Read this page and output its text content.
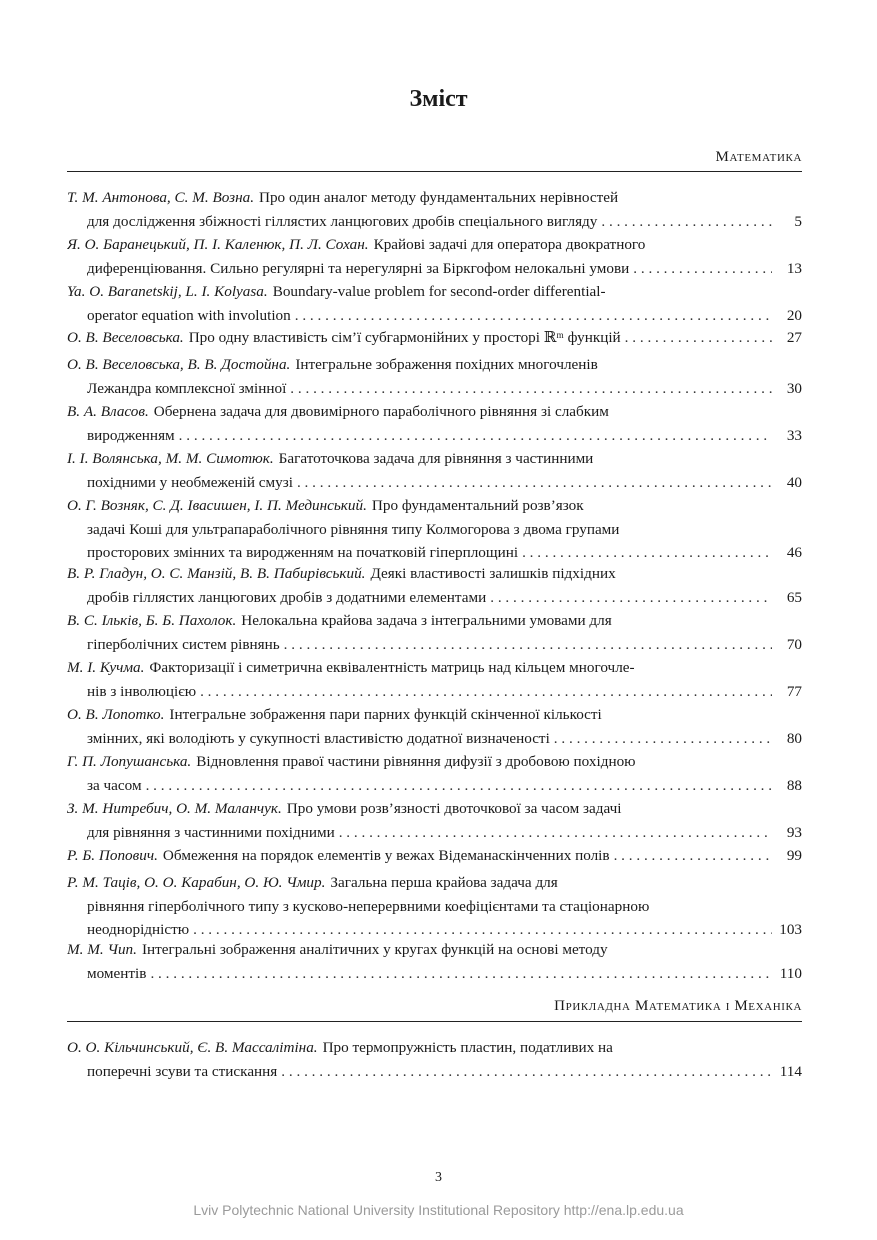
Зміст
Математика
Т. М. Антонова, С. М. Возна. Про один аналог методу фундаментальних нерівностей
для дослідження збіжності гіллястих ланцюгових дробів спеціального вигляду . . .	5
Я. О. Баранецький, П. І. Каленюк, П. Л. Сохан. Крайові задачі для оператора двократного
диференціювання. Сильно регулярні та нерегулярні за Біркгофом нелокальні умови . . .	13
Ya. O. Baranetskij, L. I. Kolyasa. Boundary-value problem for second-order differential-
operator equation with involution . . .	20
О. В. Веселовська. Про одну властивість сім’ї субгармонійних у просторі ℝᵐ функцій . . .	27
О. В. Веселовська, В. В. Достойна. Інтегральне зображення похідних многочленів
Лежандра комплексної змінної . . .	30
В. А. Власов. Обернена задача для двовимірного параболічного рівняння зі слабким
виродженням . . .	33
І. І. Волянська, М. М. Симотюк. Багатоточкова задача для рівняння з частинними
похідними у необмеженій смузі . . .	40
О. Г. Возняк, С. Д. Івасишен, І. П. Мединський. Про фундаментальний розв’язок
задачі Коші для ультрапараболічного рівняння типу Колмогорова з двома групами
просторових змінних та виродженням на початковій гіперплощині . . .	46
В. Р. Гладун, О. С. Манзій, В. В. Пабирівський. Деякі властивості залишків підхідних
дробів гіллястих ланцюгових дробів з додатними елементами . . .	65
В. С. Ільків, Б. Б. Пахолок. Нелокальна крайова задача з інтегральними умовами для
гіперболічних систем рівнянь . . .	70
М. І. Кучма. Факторизації і симетрична еквівалентність матриць над кільцем многочле-
нів з інволюцією . . .	77
О. В. Лопотко. Інтегральне зображення пари парних функцій скінченної кількості
змінних, які володіють у сукупності властивістю додатної визначеності . . .	80
Г. П. Лопушанська. Відновлення правої частини рівняння дифузії з дробовою похідною
за часом . . .	88
З. М. Нитребич, О. М. Маланчук. Про умови розв’язності двоточкової за часом задачі
для рівняння з частинними похідними . . .	93
Р. Б. Попович. Обмеження на порядок елементів у вежах Відеманаскінченних полів . . .	99
Р. М. Таців, О. О. Карабин, О. Ю. Чмир. Загальна перша крайова задача для
рівняння гіперболічного типу з кусково-неперервними коефіцієнтами та стаціонарною
неоднорідністю . . .	103
М. М. Чип. Інтегральні зображення аналітичних у кругах функцій на основі методу
моментів . . .	110
Прикладна Математика і Механіка
О. О. Кільчинський, Є. В. Массалітіна. Про термопружність пластин, податливих на
поперечні зсуви та стискання . . .	114
3
Lviv Polytechnic National University Institutional Repository http://ena.lp.edu.ua
